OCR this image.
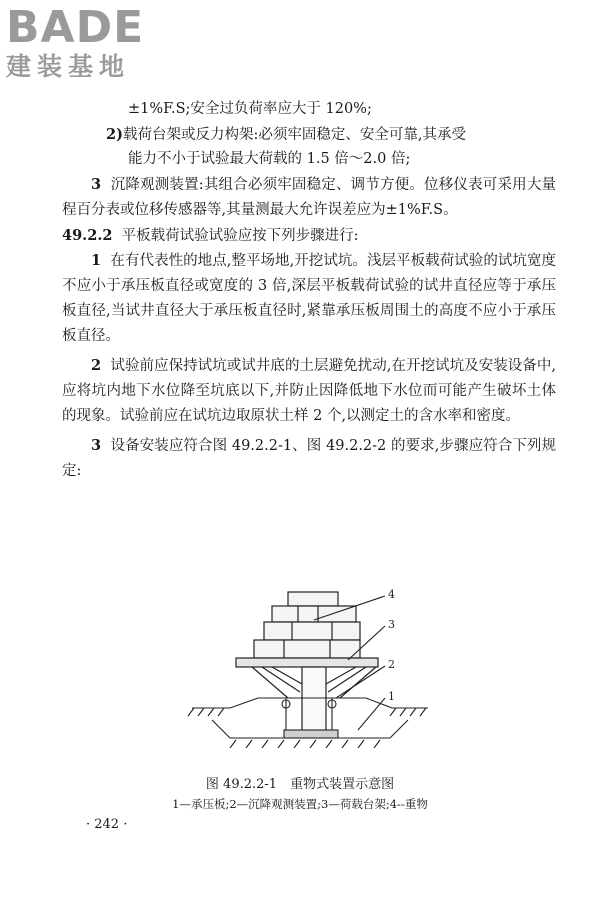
BADE
建装基地
±1%F.S;安全过负荷率应大于 120%;
2)载荷台架或反力构架:必须牢固稳定、安全可靠,其承受
能力不小于试验最大荷载的 1.5 倍～2.0 倍;
3 沉降观测装置:其组合必须牢固稳定、调节方便。位移仪表可采用大量程百分表或位移传感器等,其量测最大允许误差应为±1%F.S。
49.2.2 平板载荷试验试验应按下列步骤进行:
1 在有代表性的地点,整平场地,开挖试坑。浅层平板载荷试验的试坑宽度不应小于承压板直径或宽度的 3 倍,深层平板载荷试验的试井直径应等于承压板直径,当试井直径大于承压板直径时,紧靠承压板周围土的高度不应小于承压板直径。
2 试验前应保持试坑或试井底的土层避免扰动,在开挖试坑及安装设备中,应将坑内地下水位降至坑底以下,并防止因降低地下水位而可能产生破坏土体的现象。试验前应在试坑边取原状土样 2 个,以测定土的含水率和密度。
3 设备安装应符合图 49.2.2-1、图 49.2.2-2 的要求,步骤应符合下列规定:
4
3
2
1
图 49.2.2-1　重物式装置示意图
1—承压板;2—沉降观测装置;3—荷载台架;4--重物
· 242 ·
